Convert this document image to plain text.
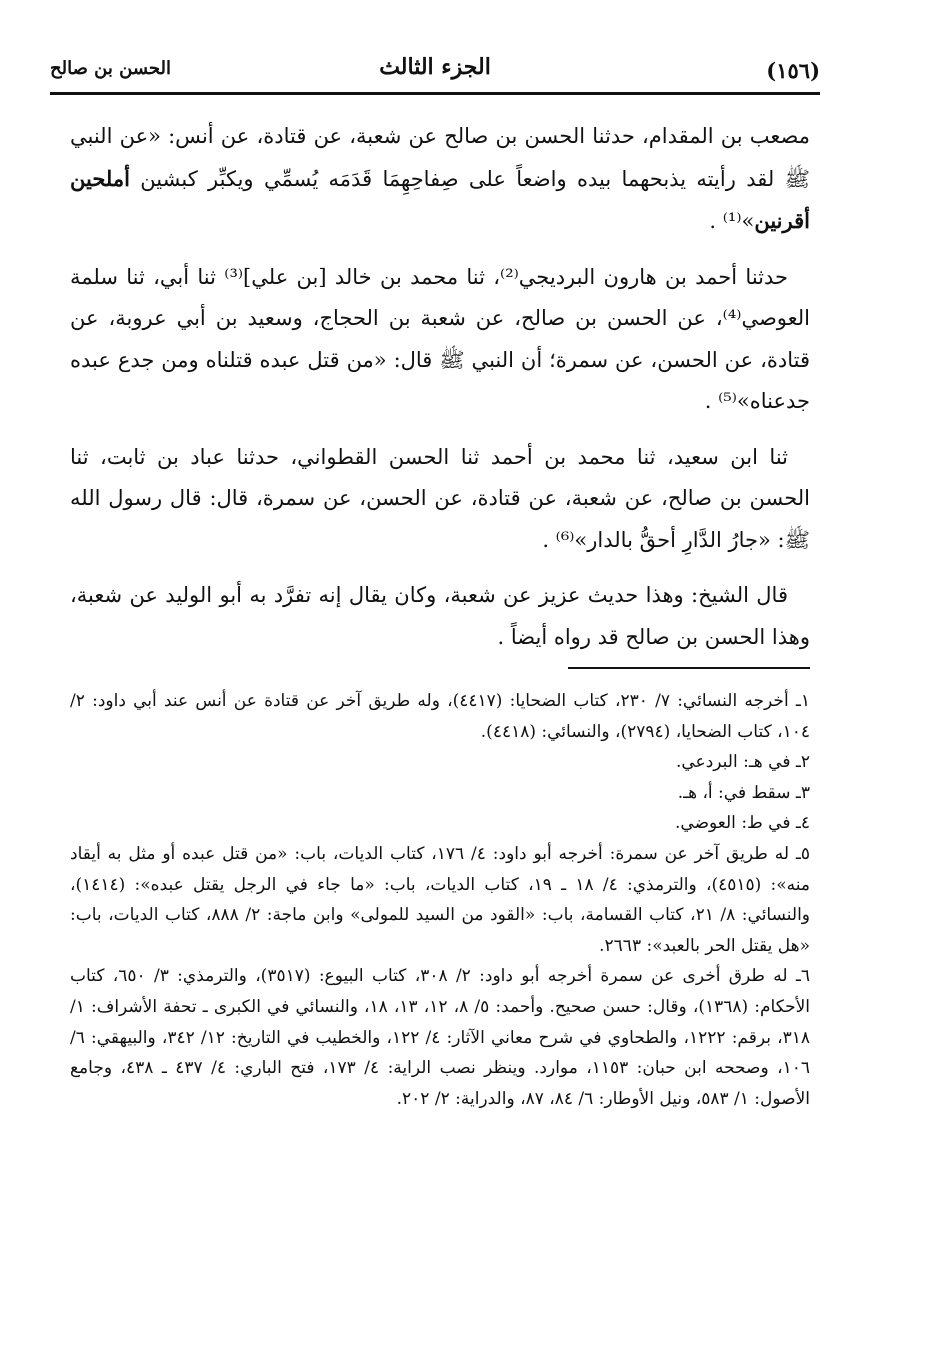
(١٥٦)
الجزء الثالث
الحسن بن صالح

مصعب بن المقدام، حدثنا الحسن بن صالح عن شعبة، عن قتادة، عن أنس: «عن النبي ﷺ لقد رأيته يذبحهما بيده واضعاً على صِفاحِهِمَا قَدَمَه يُسمِّي ويكبِّر كبشين أملحين أقرنين»⁽¹⁾ .

حدثنا أحمد بن هارون البرديجي⁽²⁾، ثنا محمد بن خالد [بن علي]⁽³⁾ ثنا أبي، ثنا سلمة العوصي⁽⁴⁾، عن الحسن بن صالح، عن شعبة بن الحجاج، وسعيد بن أبي عروبة، عن قتادة، عن الحسن، عن سمرة؛ أن النبي ﷺ قال: «من قتل عبده قتلناه ومن جدع عبده جدعناه»⁽⁵⁾ .

ثنا ابن سعيد، ثنا محمد بن أحمد ثنا الحسن القطواني، حدثنا عباد بن ثابت، ثنا الحسن بن صالح، عن شعبة، عن قتادة، عن الحسن، عن سمرة، قال: قال رسول الله ﷺ: «جارُ الدَّارِ أحقُّ بالدار»⁽⁶⁾ .

قال الشيخ: وهذا حديث عزيز عن شعبة، وكان يقال إنه تفرَّد به أبو الوليد عن شعبة، وهذا الحسن بن صالح قد رواه أيضاً .

١ـ أخرجه النسائي: ٧/ ٢٣٠، كتاب الضحايا: (٤٤١٧)، وله طريق آخر عن قتادة عن أنس عند أبي داود: ٢/ ١٠٤، كتاب الضحايا، (٢٧٩٤)، والنسائي: (٤٤١٨).

٢ـ في هـ: البردعي.

٣ـ سقط في: أ، هـ.

٤ـ في ط: العوضي.

٥ـ له طريق آخر عن سمرة: أخرجه أبو داود: ٤/ ١٧٦، كتاب الديات، باب: «من قتل عبده أو مثل به أيقاد منه»: (٤٥١٥)، والترمذي: ٤/ ١٨ ـ ١٩، كتاب الديات، باب: «ما جاء في الرجل يقتل عبده»: (١٤١٤)، والنسائي: ٨/ ٢١، كتاب القسامة، باب: «القود من السيد للمولى» وابن ماجة: ٢/ ٨٨٨، كتاب الديات، باب: «هل يقتل الحر بالعبد»: ٢٦٦٣.

٦ـ له طرق أخرى عن سمرة أخرجه أبو داود: ٢/ ٣٠٨، كتاب البيوع: (٣٥١٧)، والترمذي: ٣/ ٦٥٠، كتاب الأحكام: (١٣٦٨)، وقال: حسن صحيح. وأحمد: ٥/ ٨، ١٢، ١٣، ١٨، والنسائي في الكبرى ـ تحفة الأشراف: ١/ ٣١٨، برقم: ١٢٢٢، والطحاوي في شرح معاني الآثار: ٤/ ١٢٢، والخطيب في التاريخ: ١٢/ ٣٤٢، والبيهقي: ٦/ ١٠٦، وصححه ابن حبان: ١١٥٣، موارد. وينظر نصب الراية: ٤/ ١٧٣، فتح الباري: ٤/ ٤٣٧ ـ ٤٣٨، وجامع الأصول: ١/ ٥٨٣، ونيل الأوطار: ٦/ ٨٤، ٨٧، والدراية: ٢/ ٢٠٢.
